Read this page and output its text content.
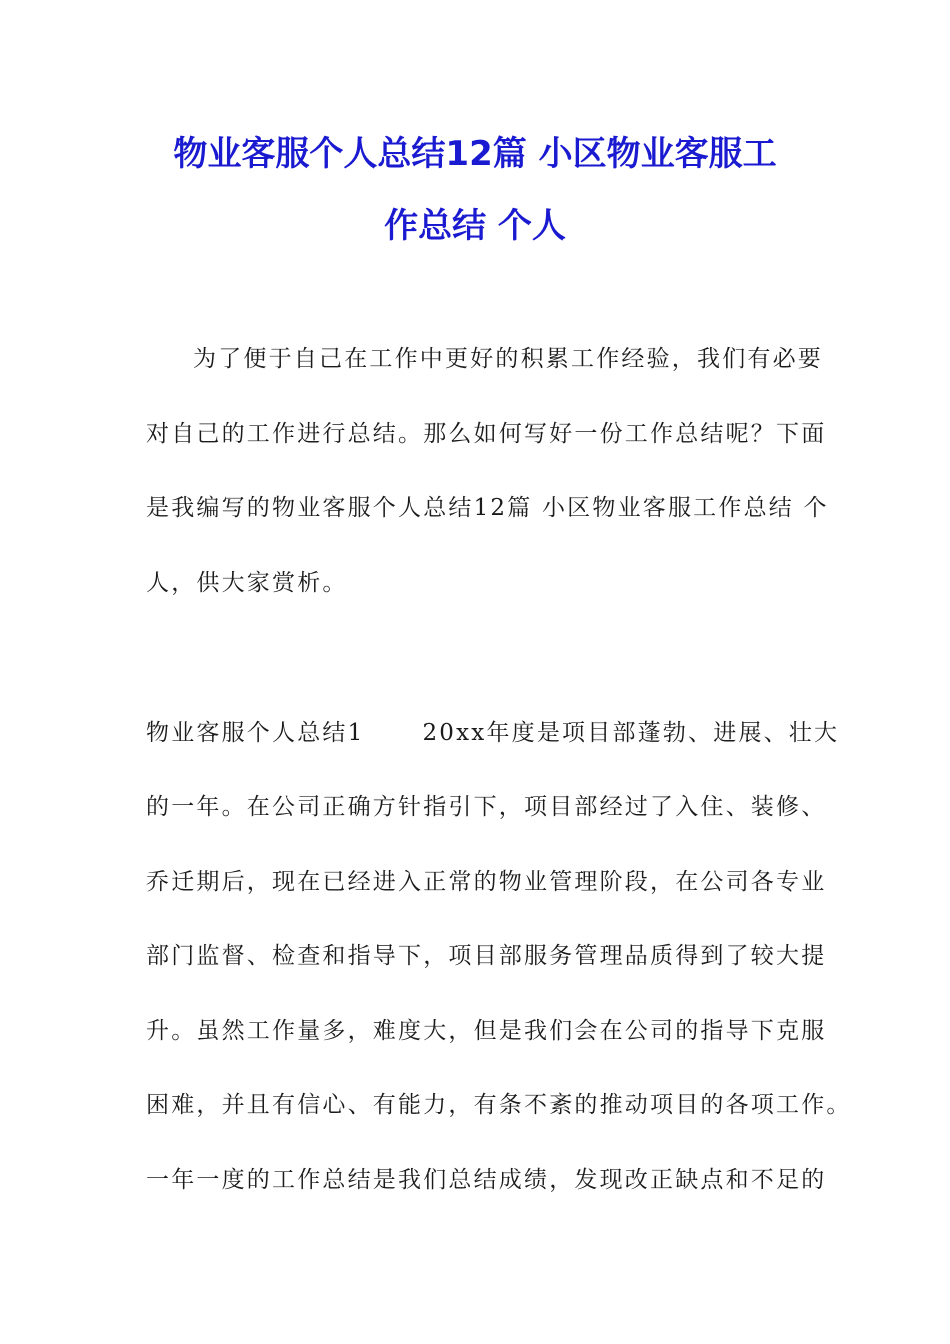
物业客服个人总结12篇 小区物业客服工
作总结 个人
为了便于自己在工作中更好的积累工作经验，我们有必要
对自己的工作进行总结。那么如何写好一份工作总结呢？下面
是我编写的物业客服个人总结12篇 小区物业客服工作总结 个
人，供大家赏析。
物业客服个人总结1	20xx年度是项目部蓬勃、进展、壮大
的一年。在公司正确方针指引下，项目部经过了入住、装修、
乔迁期后，现在已经进入正常的物业管理阶段，在公司各专业
部门监督、检查和指导下，项目部服务管理品质得到了较大提
升。虽然工作量多，难度大，但是我们会在公司的指导下克服
困难，并且有信心、有能力，有条不紊的推动项目的各项工作。
一年一度的工作总结是我们总结成绩，发现改正缺点和不足的
